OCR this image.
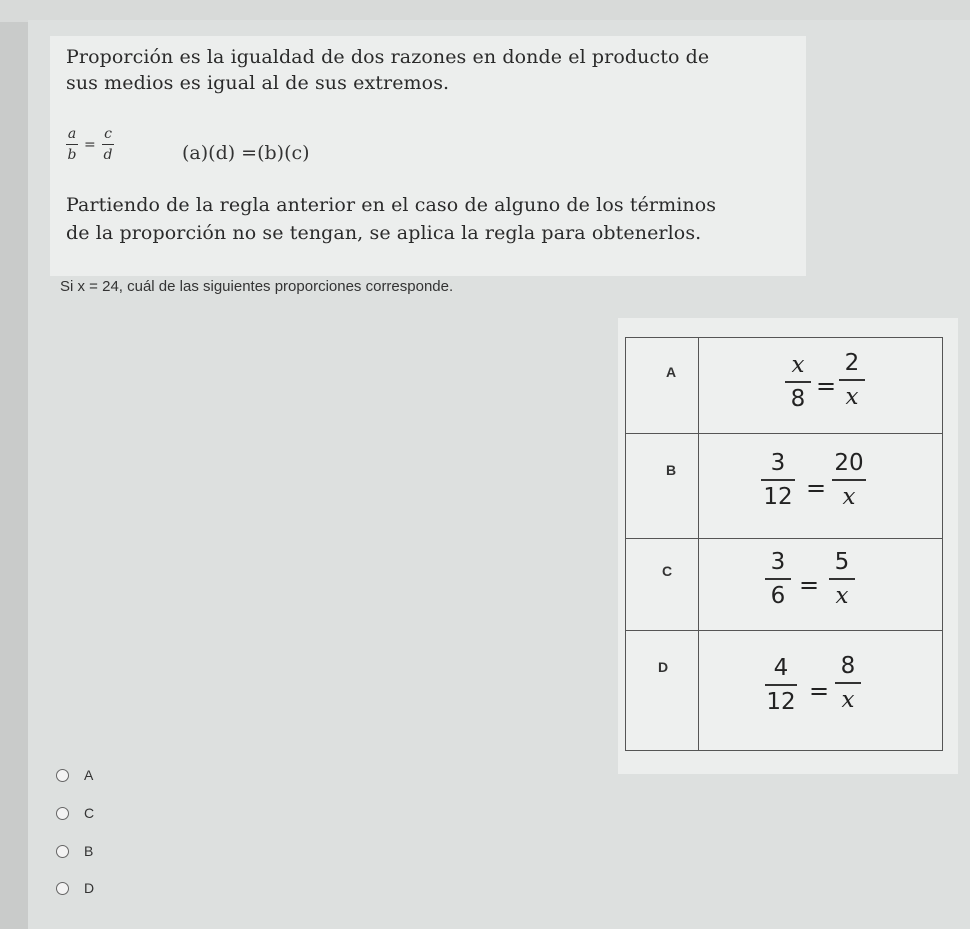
Proporción es la igualdad de dos razones en donde el producto de
sus medios es igual al de sus extremos.
a
b
=
c
d	(a)(d) =(b)(c)
Partiendo de la regla anterior en el caso de alguno de los términos
de la proporción no se tengan, se aplica la regla para obtenerlos.
Si x = 24, cuál de las siguientes proporciones corresponde.
A	x
8 =
2
x

B	3
12 =
20
x

C	3
6 =
5
x

D	4
12 =
8
x
A
C
B
D
